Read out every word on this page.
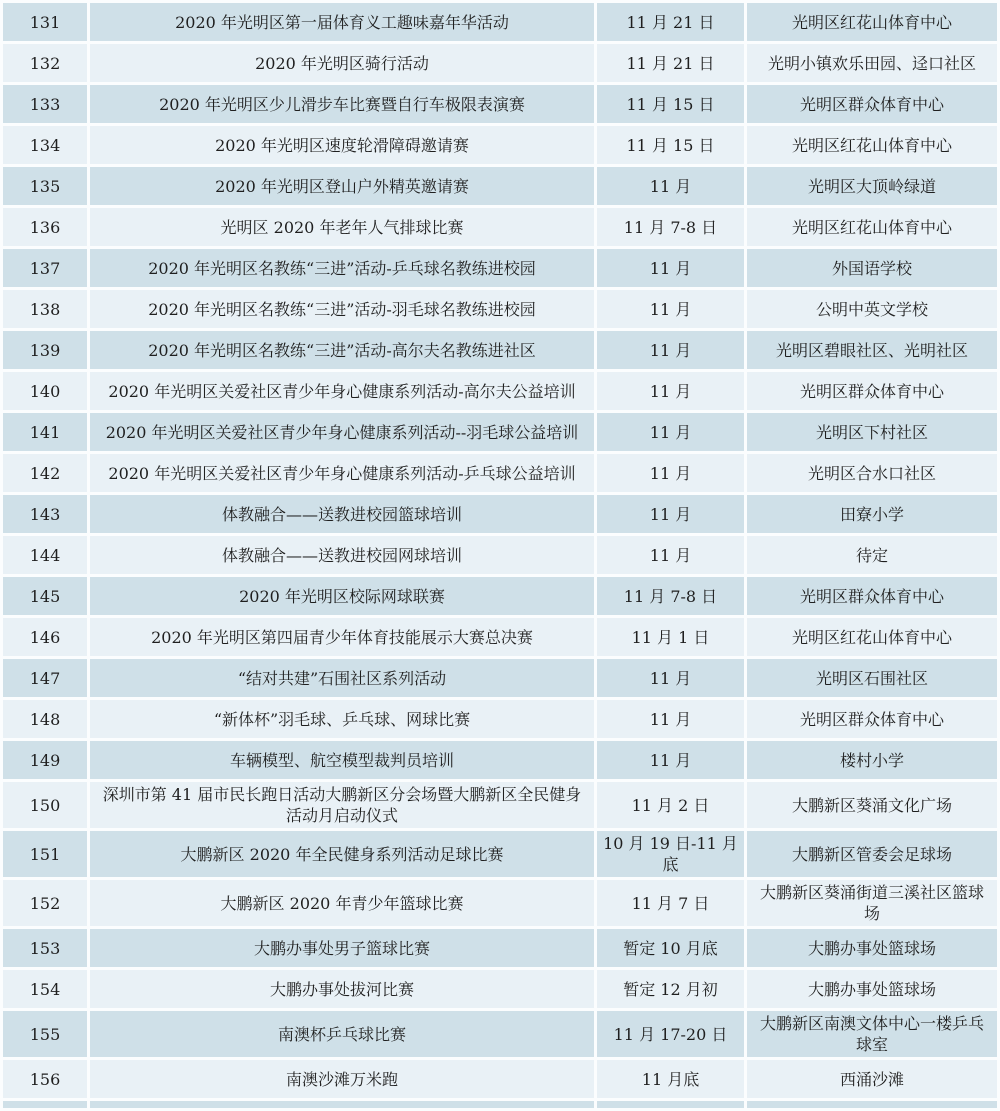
131	2020 年光明区第一届体育义工趣味嘉年华活动	11 月 21 日	光明区红花山体育中心
132	2020 年光明区骑行活动	11 月 21 日	光明小镇欢乐田园、迳口社区
133	2020 年光明区少儿滑步车比赛暨自行车极限表演赛	11 月 15 日	光明区群众体育中心
134	2020 年光明区速度轮滑障碍邀请赛	11 月 15 日	光明区红花山体育中心
135	2020 年光明区登山户外精英邀请赛	11 月	光明区大顶岭绿道
136	光明区 2020 年老年人气排球比赛	11 月 7-8 日	光明区红花山体育中心
137	2020 年光明区名教练“三进”活动-乒乓球名教练进校园	11 月	外国语学校
138	2020 年光明区名教练“三进”活动-羽毛球名教练进校园	11 月	公明中英文学校
139	2020 年光明区名教练“三进”活动-高尔夫名教练进社区	11 月	光明区碧眼社区、光明社区
140	2020 年光明区关爱社区青少年身心健康系列活动-高尔夫公益培训	11 月	光明区群众体育中心
141	2020 年光明区关爱社区青少年身心健康系列活动--羽毛球公益培训	11 月	光明区下村社区
142	2020 年光明区关爱社区青少年身心健康系列活动-乒乓球公益培训	11 月	光明区合水口社区
143	体教融合——送教进校园篮球培训	11 月	田寮小学
144	体教融合——送教进校园网球培训	11 月	待定
145	2020 年光明区校际网球联赛	11 月 7-8 日	光明区群众体育中心
146	2020 年光明区第四届青少年体育技能展示大赛总决赛	11 月 1 日	光明区红花山体育中心
147	“结对共建”石围社区系列活动	11 月	光明区石围社区
148	“新体杯”羽毛球、乒乓球、网球比赛	11 月	光明区群众体育中心
149	车辆模型、航空模型裁判员培训	11 月	楼村小学
150	深圳市第 41 届市民长跑日活动大鹏新区分会场暨大鹏新区全民健身活动月启动仪式	11 月 2 日	大鹏新区葵涌文化广场
151	大鹏新区 2020 年全民健身系列活动足球比赛	10 月 19 日-11 月底	大鹏新区管委会足球场
152	大鹏新区 2020 年青少年篮球比赛	11 月 7 日	大鹏新区葵涌街道三溪社区篮球场
153	大鹏办事处男子篮球比赛	暂定 10 月底	大鹏办事处篮球场
154	大鹏办事处拔河比赛	暂定 12 月初	大鹏办事处篮球场
155	南澳杯乒乓球比赛	11 月 17-20 日	大鹏新区南澳文体中心一楼乒乓球室
156	南澳沙滩万米跑	11 月底	西涌沙滩
